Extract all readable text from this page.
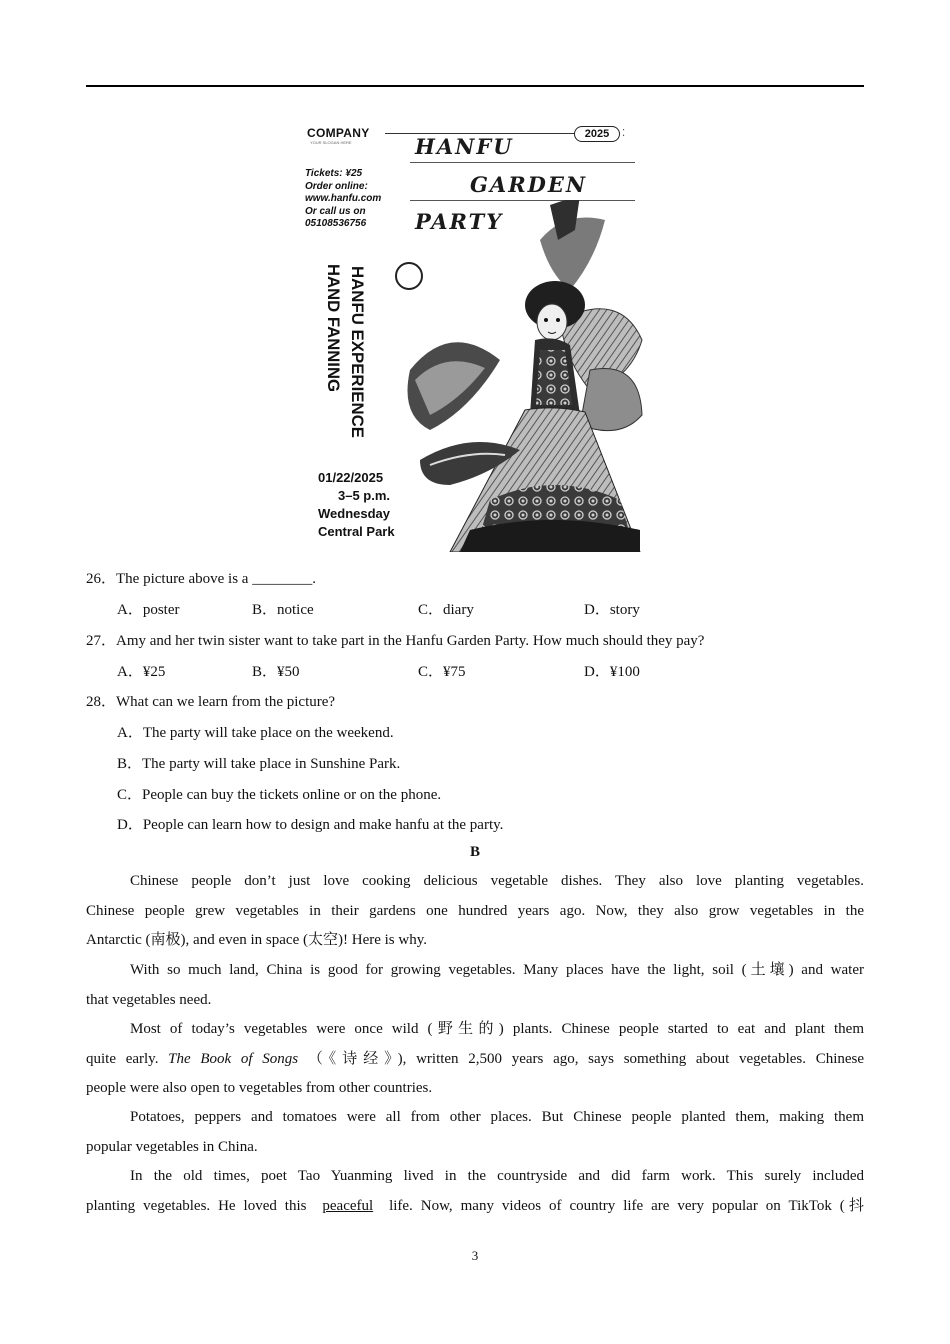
COMPANY
YOUR SLOGAN HERE
2025	⁚
HANFU
GARDEN
PARTY
Tickets: ¥25
Order online:
www.hanfu.com
Or call us on
05108536756
HANFU EXPERIENCE
HAND FANNING
01/22/2025
3–5 p.m.
Wednesday
Central Park
26．The picture above is a ________.
A．poster	B．notice	C．diary	D．story
27．Amy and her twin sister want to take part in the Hanfu Garden Party. How much should they pay?
A．¥25	B．¥50	C．¥75	D．¥100
28．What can we learn from the picture?
A．The party will take place on the weekend.
B．The party will take place in Sunshine Park.
C．People can buy the tickets online or on the phone.
D．People can learn how to design and make hanfu at the party.
B
Chinese people don’t just love cooking delicious vegetable dishes. They also love planting vegetables.
Chinese people grew vegetables in their gardens one hundred years ago. Now, they also grow vegetables in the
Antarctic (南极), and even in space (太空)! Here is why.
With so much land, China is good for growing vegetables. Many places have the light, soil (土壤) and water
that vegetables need.
Most of today’s vegetables were once wild (野生的) plants. Chinese people started to eat and plant them
quite early. The Book of Songs （《诗经》), written 2,500 years ago, says something about vegetables. Chinese
people were also open to vegetables from other countries.
Potatoes, peppers and tomatoes were all from other places. But Chinese people planted them, making them
popular vegetables in China.
In the old times, poet Tao Yuanming lived in the countryside and did farm work. This surely included
planting vegetables. He loved this peaceful life. Now, many videos of country life are very popular on TikTok (抖
3
